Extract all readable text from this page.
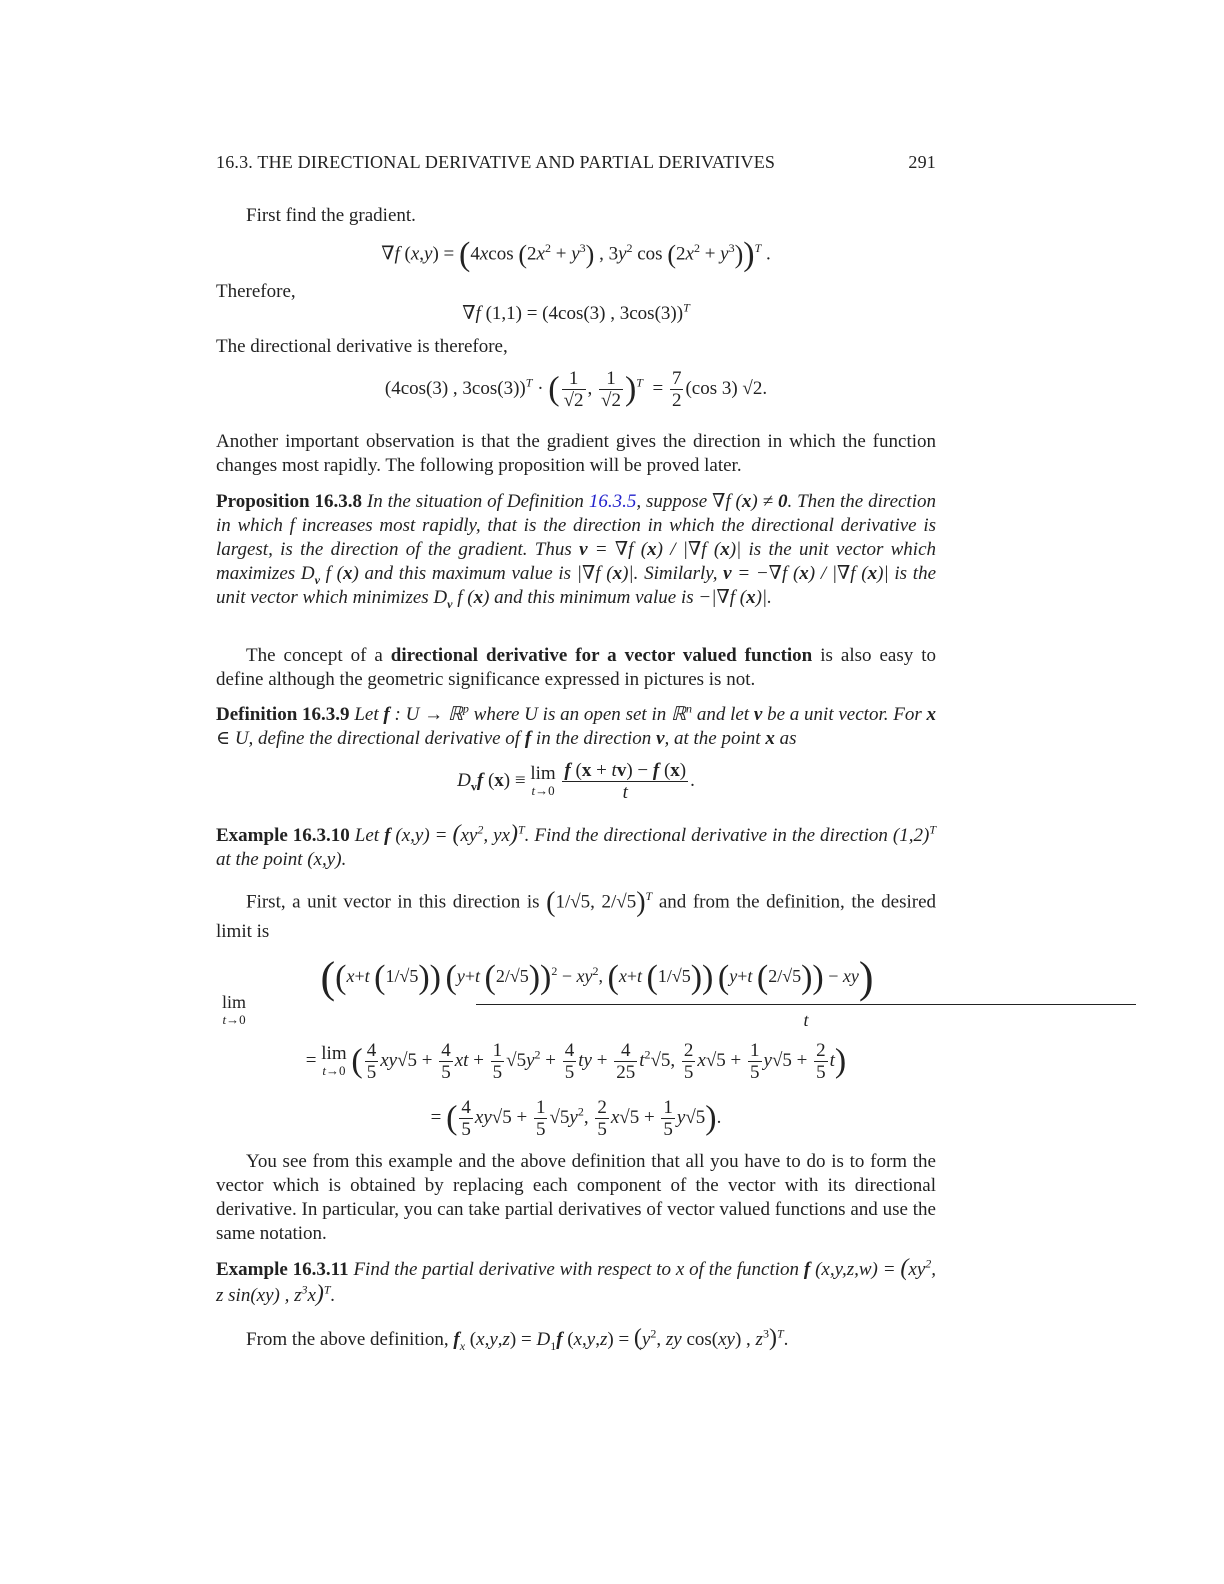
16.3. THE DIRECTIONAL DERIVATIVE AND PARTIAL DERIVATIVES	291
First find the gradient.
∇f (x,y) = (4xcos $(2x^2 + y^3)$ , $3y^2$ $\cos (2x^2 + y^3))^T$ .
Therefore,
∇f (1,1) = (4cos(3) , 3cos(3))$^T$
The directional derivative is therefore,
(4cos(3) , 3cos(3))$^T$ · ( $\frac{1}{√2}$ , $\frac{1}{√2} )^T = \frac{7}{2} (\cos$ 3) √2.
Another important observation is that the gradient gives the direction in which the function changes most rapidly. The following proposition will be proved later.
Proposition 16.3.8 In the situation of Definition 16.3.5, suppose ∇f (x) ≠ 0. Then the direction in which f increases most rapidly, that is the direction in which the directional derivative is largest, is the direction of the gradient. Thus v = ∇f (x) / |∇f (x)| is the unit vector which maximizes $D_v$ f (x) and this maximum value is |∇f (x)|. Similarly, v = −∇f (x) / |∇f (x)| is the unit vector which minimizes $D_v$ f (x) and this minimum value is −|∇f (x)|.
The concept of a directional derivative for a vector valued function is also easy to define although the geometric significance expressed in pictures is not.
Definition 16.3.9 Let f : U → ℝ$^p$ where U is an open set in ℝ$^n$ and let v be a unit vector. For x ∈ U, define the directional derivative of f in the direction v, at the point x as
$D_vf$ (x) ≡ lim
t→0
$\frac{f (x + tv) - f (x)}{t}$ .
Example 16.3.10 Let f $(x,y) = (xy^2$, yx)$^T$. Find the directional derivative in the direction $(1,2)^T$ at the point (x,y).
First, a unit vector in this direction is (1/√5, 2/√5)$^T$ and from the definition, the desired limit is
lim
t→0
((x+t (1/√5)) (y+t $(2/√5))^2 - xy^2$, (x+t (1/√5)) (y+t (2/√5)) − xy)
t
= lim
t→0 ( $\frac{4}{5} xy√5 + \frac{4}{5}$ xt + $\frac{1}{5} √5y^2 + \frac{4}{5}$ ty + $\frac{4}{25} t^2√5$, $\frac{2}{5} x√5 + \frac{1}{5} y√5 + \frac{2}{5} t$)
= ( $\frac{4}{5} xy√5 + \frac{1}{5} √5y^2$, $\frac{2}{5} x√5 + \frac{1}{5} y√5$).
You see from this example and the above definition that all you have to do is to form the vector which is obtained by replacing each component of the vector with its directional derivative. In particular, you can take partial derivatives of vector valued functions and use the same notation.
Example 16.3.11 Find the partial derivative with respect to x of the function f $(x,y,z,w) = (xy^2$, z sin(xy) , $z^3x)^T$.
From the above definition, $f_x$ $(x,y,z) = D_1f$ $(x,y,z) = (y^2$, zy cos(xy) , $z^3)^T$.
